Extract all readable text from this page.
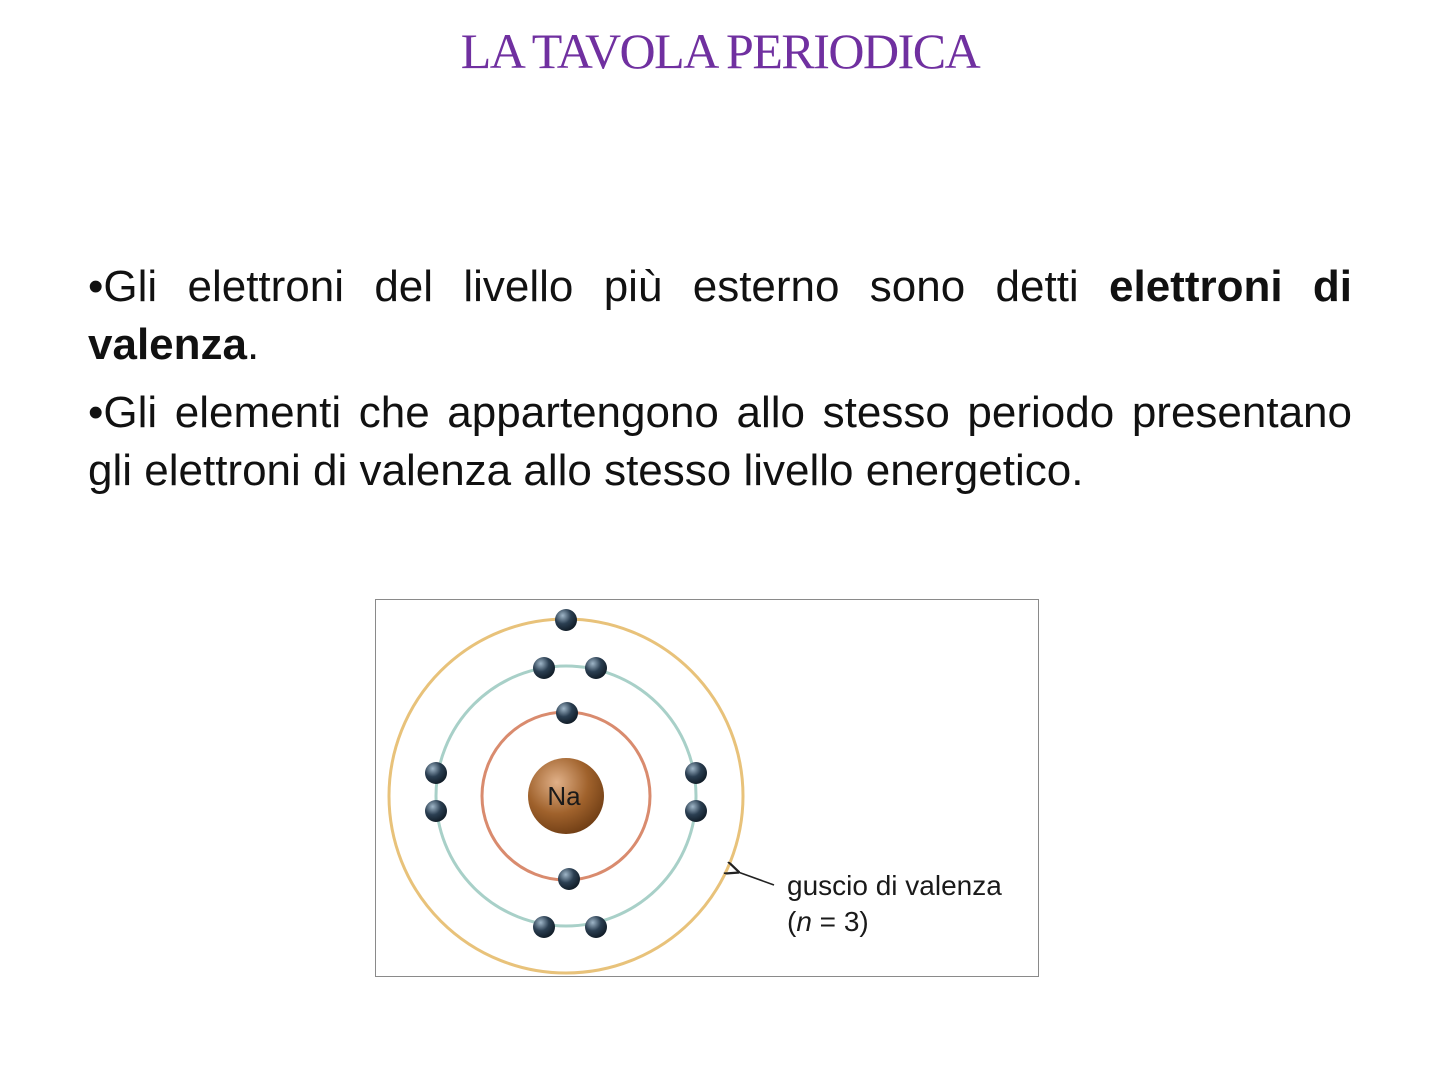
LA TAVOLA PERIODICA

•Gli elettroni del livello più esterno sono detti elettroni di valenza.

•Gli elementi che appartengono allo stesso periodo presentano gli elettroni di valenza allo stesso livello energetico.

Na
guscio di valenza
(n = 3)
